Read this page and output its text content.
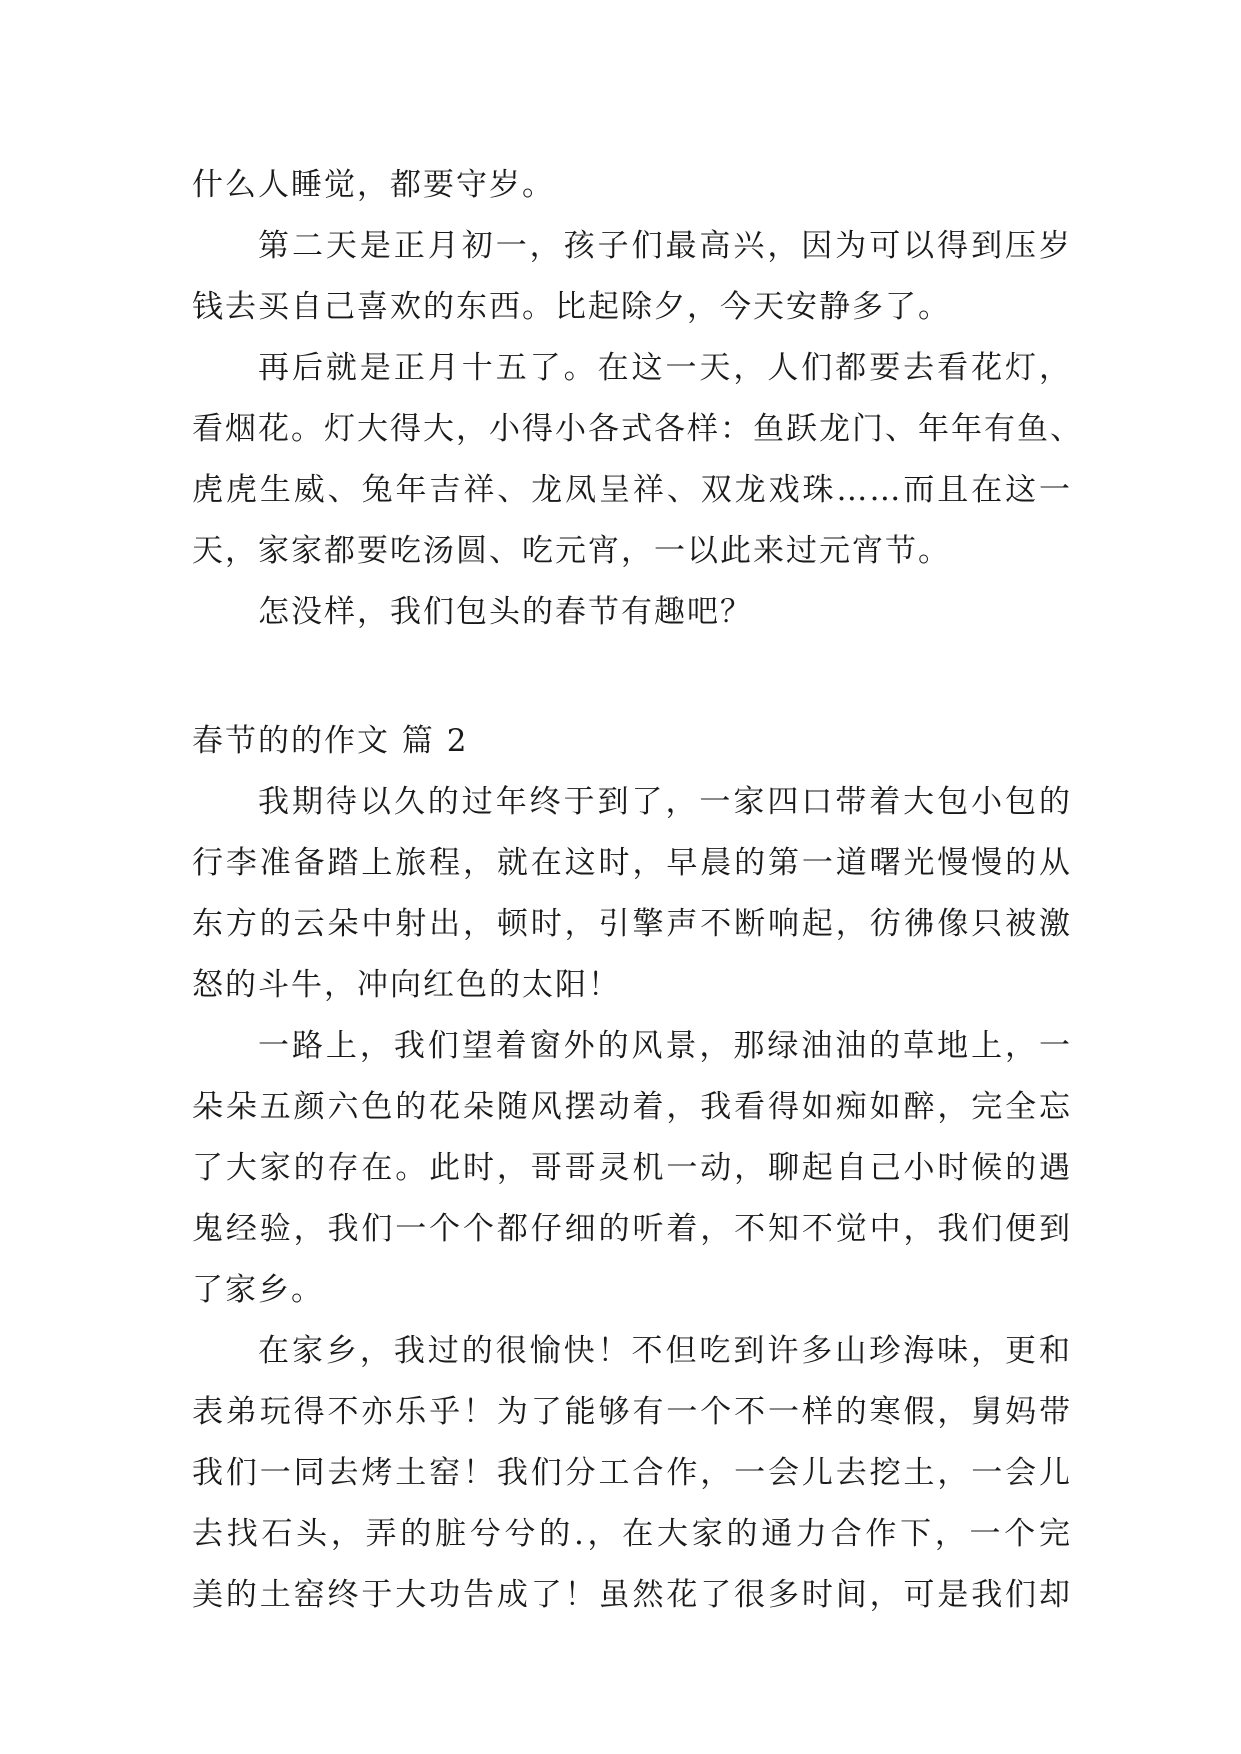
什么人睡觉，都要守岁。
第二天是正月初一，孩子们最高兴，因为可以得到压岁
钱去买自己喜欢的东西。比起除夕，今天安静多了。
再后就是正月十五了。在这一天，人们都要去看花灯，
看烟花。灯大得大，小得小各式各样：鱼跃龙门、年年有鱼、
虎虎生威、兔年吉祥、龙凤呈祥、双龙戏珠……而且在这一
天，家家都要吃汤圆、吃元宵，一以此来过元宵节。
怎没样，我们包头的春节有趣吧？
春节的的作文 篇 2
我期待以久的过年终于到了，一家四口带着大包小包的
行李准备踏上旅程，就在这时，早晨的第一道曙光慢慢的从
东方的云朵中射出，顿时，引擎声不断响起，彷彿像只被激
怒的斗牛，冲向红色的太阳！
一路上，我们望着窗外的风景，那绿油油的草地上，一
朵朵五颜六色的花朵随风摆动着，我看得如痴如醉，完全忘
了大家的存在。此时，哥哥灵机一动，聊起自己小时候的遇
鬼经验，我们一个个都仔细的听着，不知不觉中，我们便到
了家乡。
在家乡，我过的很愉快！不但吃到许多山珍海味，更和
表弟玩得不亦乐乎！为了能够有一个不一样的寒假，舅妈带
我们一同去烤土窑！我们分工合作，一会儿去挖土，一会儿
去找石头，弄的脏兮兮的.，在大家的通力合作下，一个完
美的土窑终于大功告成了！虽然花了很多时间，可是我们却
